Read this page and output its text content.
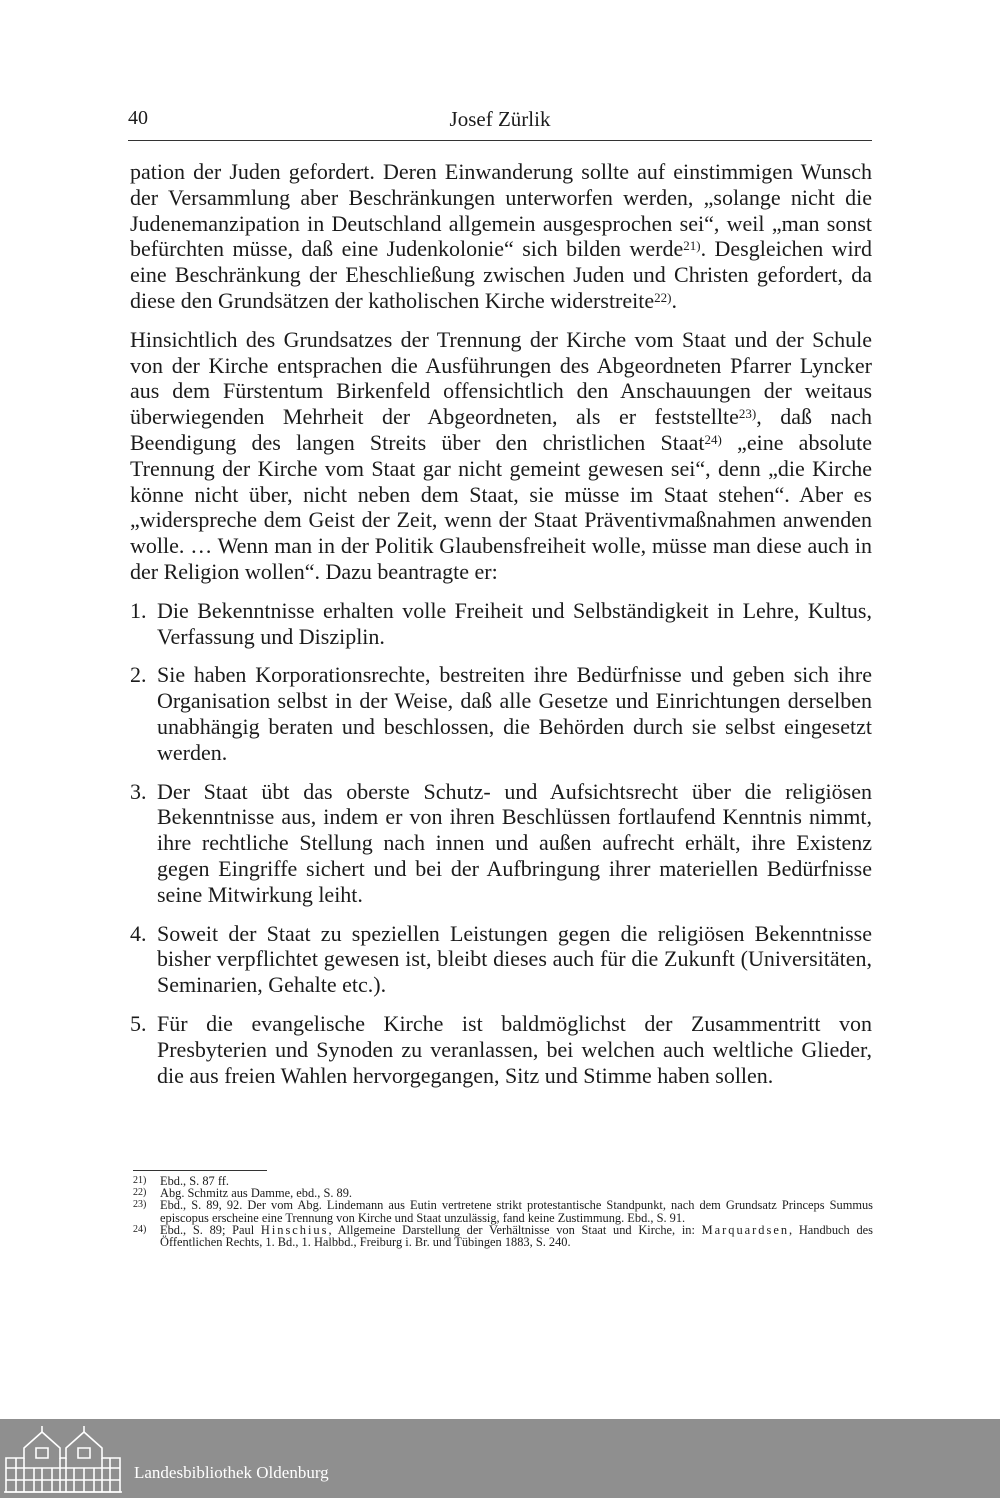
40	Josef Zürlik

pation der Juden gefordert. Deren Einwanderung sollte auf einstimmigen Wunsch der Versammlung aber Beschränkungen unterworfen werden, „solange nicht die Judenemanzipation in Deutschland allgemein ausgesprochen sei“, weil „man sonst befürchten müsse, daß eine Judenkolonie“ sich bilden werde$^{21)}$. Desgleichen wird eine Beschränkung der Eheschließung zwischen Juden und Christen gefordert, da diese den Grundsätzen der katholischen Kirche widerstreite$^{22)}$.

Hinsichtlich des Grundsatzes der Trennung der Kirche vom Staat und der Schule von der Kirche entsprachen die Ausführungen des Abgeordneten Pfarrer Lyncker aus dem Fürstentum Birkenfeld offensichtlich den Anschauungen der weitaus überwiegenden Mehrheit der Abgeordneten, als er feststellte$^{23)}$, daß nach Beendigung des langen Streits über den christlichen Staat$^{24)}$ „eine absolute Trennung der Kirche vom Staat gar nicht gemeint gewesen sei“, denn „die Kirche könne nicht über, nicht neben dem Staat, sie müsse im Staat stehen“. Aber es „widerspreche dem Geist der Zeit, wenn der Staat Präventivmaßnahmen anwenden wolle. … Wenn man in der Politik Glaubensfreiheit wolle, müsse man diese auch in der Religion wollen“. Dazu beantragte er:

1. Die Bekenntnisse erhalten volle Freiheit und Selbständigkeit in Lehre, Kultus, Verfassung und Disziplin.
2. Sie haben Korporationsrechte, bestreiten ihre Bedürfnisse und geben sich ihre Organisation selbst in der Weise, daß alle Gesetze und Einrichtungen derselben unabhängig beraten und beschlossen, die Behörden durch sie selbst eingesetzt werden.
3. Der Staat übt das oberste Schutz- und Aufsichtsrecht über die religiösen Bekenntnisse aus, indem er von ihren Beschlüssen fortlaufend Kenntnis nimmt, ihre rechtliche Stellung nach innen und außen aufrecht erhält, ihre Existenz gegen Eingriffe sichert und bei der Aufbringung ihrer materiellen Bedürfnisse seine Mitwirkung leiht.
4. Soweit der Staat zu speziellen Leistungen gegen die religiösen Bekenntnisse bisher verpflichtet gewesen ist, bleibt dieses auch für die Zukunft (Universitäten, Seminarien, Gehalte etc.).
5. Für die evangelische Kirche ist baldmöglichst der Zusammentritt von Presbyterien und Synoden zu veranlassen, bei welchen auch weltliche Glieder, die aus freien Wahlen hervorgegangen, Sitz und Stimme haben sollen.

21) Ebd., S. 87 ff.

22) Abg. Schmitz aus Damme, ebd., S. 89.

23) Ebd., S. 89, 92. Der vom Abg. Lindemann aus Eutin vertretene strikt protestantische Standpunkt, nach dem Grundsatz Princeps Summus episcopus erscheine eine Trennung von Kirche und Staat unzulässig, fand keine Zustimmung. Ebd., S. 91.

24) Ebd., S. 89; Paul Hinschius, Allgemeine Darstellung der Verhältnisse von Staat und Kirche, in: Marquardsen, Handbuch des Öffentlichen Rechts, 1. Bd., 1. Halbbd., Freiburg i. Br. und Tübingen 1883, S. 240.

Landesbibliothek Oldenburg
